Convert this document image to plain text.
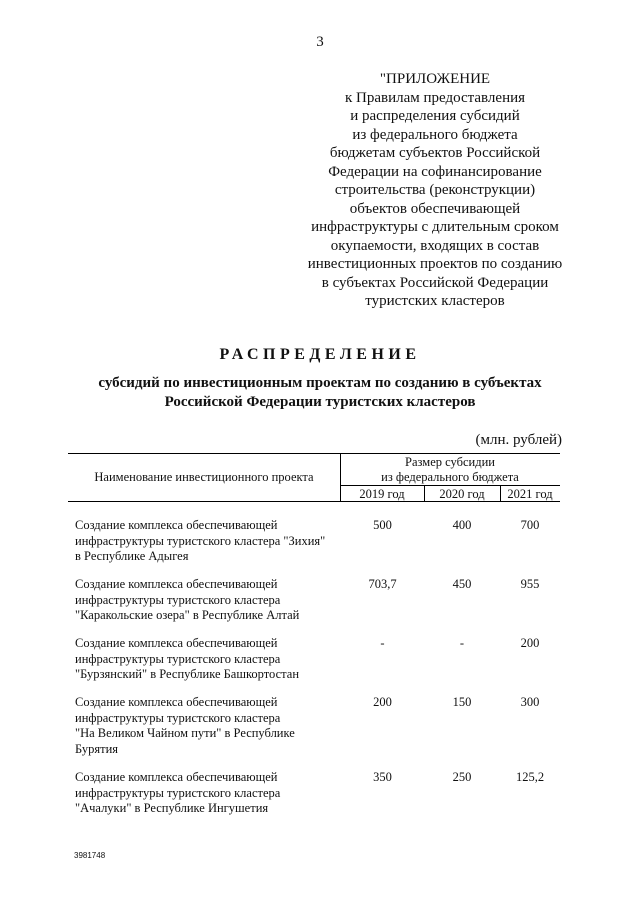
3
"ПРИЛОЖЕНИЕ
к Правилам предоставления
и распределения субсидий
из федерального бюджета
бюджетам субъектов Российской
Федерации на софинансирование
строительства (реконструкции)
объектов обеспечивающей
инфраструктуры с длительным сроком
окупаемости, входящих в состав
инвестиционных проектов по созданию
в субъектах Российской Федерации
туристских кластеров
РАСПРЕДЕЛЕНИЕ
субсидий по инвестиционным проектам по созданию в субъектах
Российской Федерации туристских кластеров
(млн. рублей)
Наименование инвестиционного проекта
Размер субсидии
из федерального бюджета
2019 год	2020 год	2021 год
Создание комплекса обеспечивающей
инфраструктуры туристского кластера "Зихия"
в Республике Адыгея
500	400	700
Создание комплекса обеспечивающей
инфраструктуры туристского кластера
"Каракольские озера" в Республике Алтай
703,7	450	955
Создание комплекса обеспечивающей
инфраструктуры туристского кластера
"Бурзянский" в Республике Башкортостан
-	-	200
Создание комплекса обеспечивающей
инфраструктуры туристского кластера
"На Великом Чайном пути" в Республике
Бурятия
200	150	300
Создание комплекса обеспечивающей
инфраструктуры туристского кластера
"Ачалуки" в Республике Ингушетия
350	250	125,2
3981748
